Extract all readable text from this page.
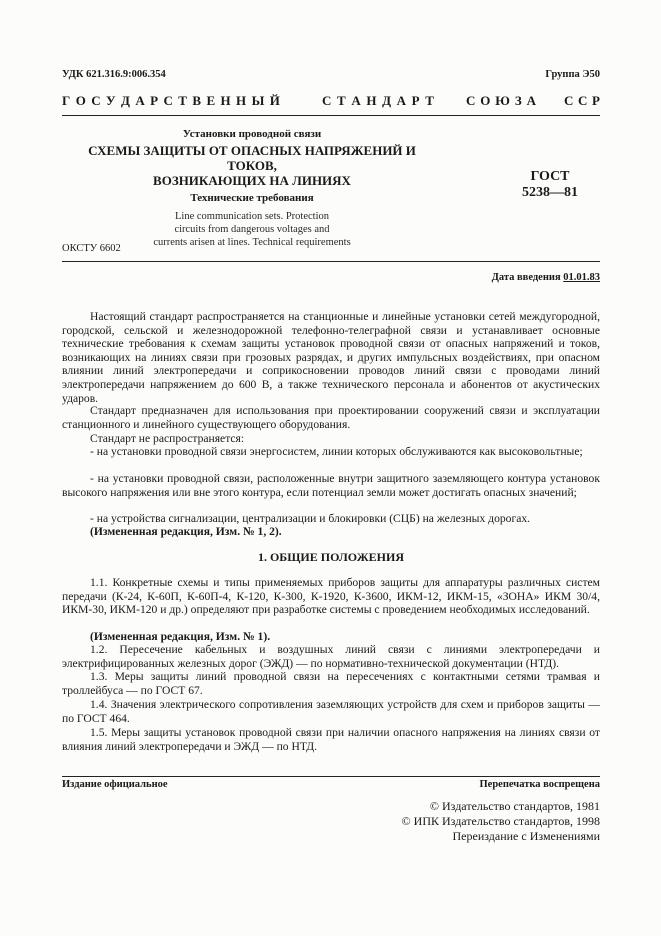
УДК 621.316.9:006.354	Группа Э50
Г О С У Д А Р С Т В Е Н Н Ы Й	С Т А Н Д А Р Т С О Ю З А С С Р
Установки проводной связи
СХЕМЫ ЗАЩИТЫ ОТ ОПАСНЫХ НАПРЯЖЕНИЙ И ТОКОВ,
ВОЗНИКАЮЩИХ НА ЛИНИЯХ
Технические требования
Line communication sets. Protection
circuits from dangerous voltages and
currents arisen at lines. Technical requirements
ГОСТ
5238—81
ОКСТУ 6602
Дата введения 01.01.83

Настоящий стандарт распространяется на станционные и линейные установки сетей междугородной, городской, сельской и железнодорожной телефонно-телеграфной связи и устанавливает основные технические требования к схемам защиты установок проводной связи от опасных напряжений и токов, возникающих на линиях связи при грозовых разрядах, и других импульсных воздействиях, при опасном влиянии линий электропередачи и соприкосновении проводов линий связи с проводами линий электропередачи напряжением до 600 В, а также технического персонала и абонентов от акустических ударов.

Стандарт предназначен для использования при проектировании сооружений связи и эксплуатации станционного и линейного существующего оборудования.

Стандарт не распространяется:

- на установки проводной связи энергосистем, линии которых обслуживаются как высоковольтные;

- на установки проводной связи, расположенные внутри защитного заземляющего контура установок высокого напряжения или вне этого контура, если потенциал земли может достигать опасных значений;

- на устройства сигнализации, централизации и блокировки (СЦБ) на железных дорогах.

(Измененная редакция, Изм. № 1, 2).

1. ОБЩИЕ ПОЛОЖЕНИЯ

1.1. Конкретные схемы и типы применяемых приборов защиты для аппаратуры различных систем передачи (К-24, К-60П, К-60П-4, К-120, К-300, К-1920, К-3600, ИКМ-12, ИКМ-15, «ЗОНА» ИКМ 30/4, ИКМ-30, ИКМ-120 и др.) определяют при разработке системы с проведением необходимых исследований.

(Измененная редакция, Изм. № 1).

1.2. Пересечение кабельных и воздушных линий связи с линиями электропередачи и электрифицированных железных дорог (ЭЖД) — по нормативно-технической документации (НТД).

1.3. Меры защиты линий проводной связи на пересечениях с контактными сетями трамвая и троллейбуса — по ГОСТ 67.

1.4. Значения электрического сопротивления заземляющих устройств для схем и приборов защиты — по ГОСТ 464.

1.5. Меры защиты установок проводной связи при наличии опасного напряжения на линиях связи от влияния линий электропередачи и ЭЖД — по НТД.

Издание официальное	Перепечатка воспрещена
© Издательство стандартов, 1981
© ИПК Издательство стандартов, 1998
Переиздание с Изменениями
